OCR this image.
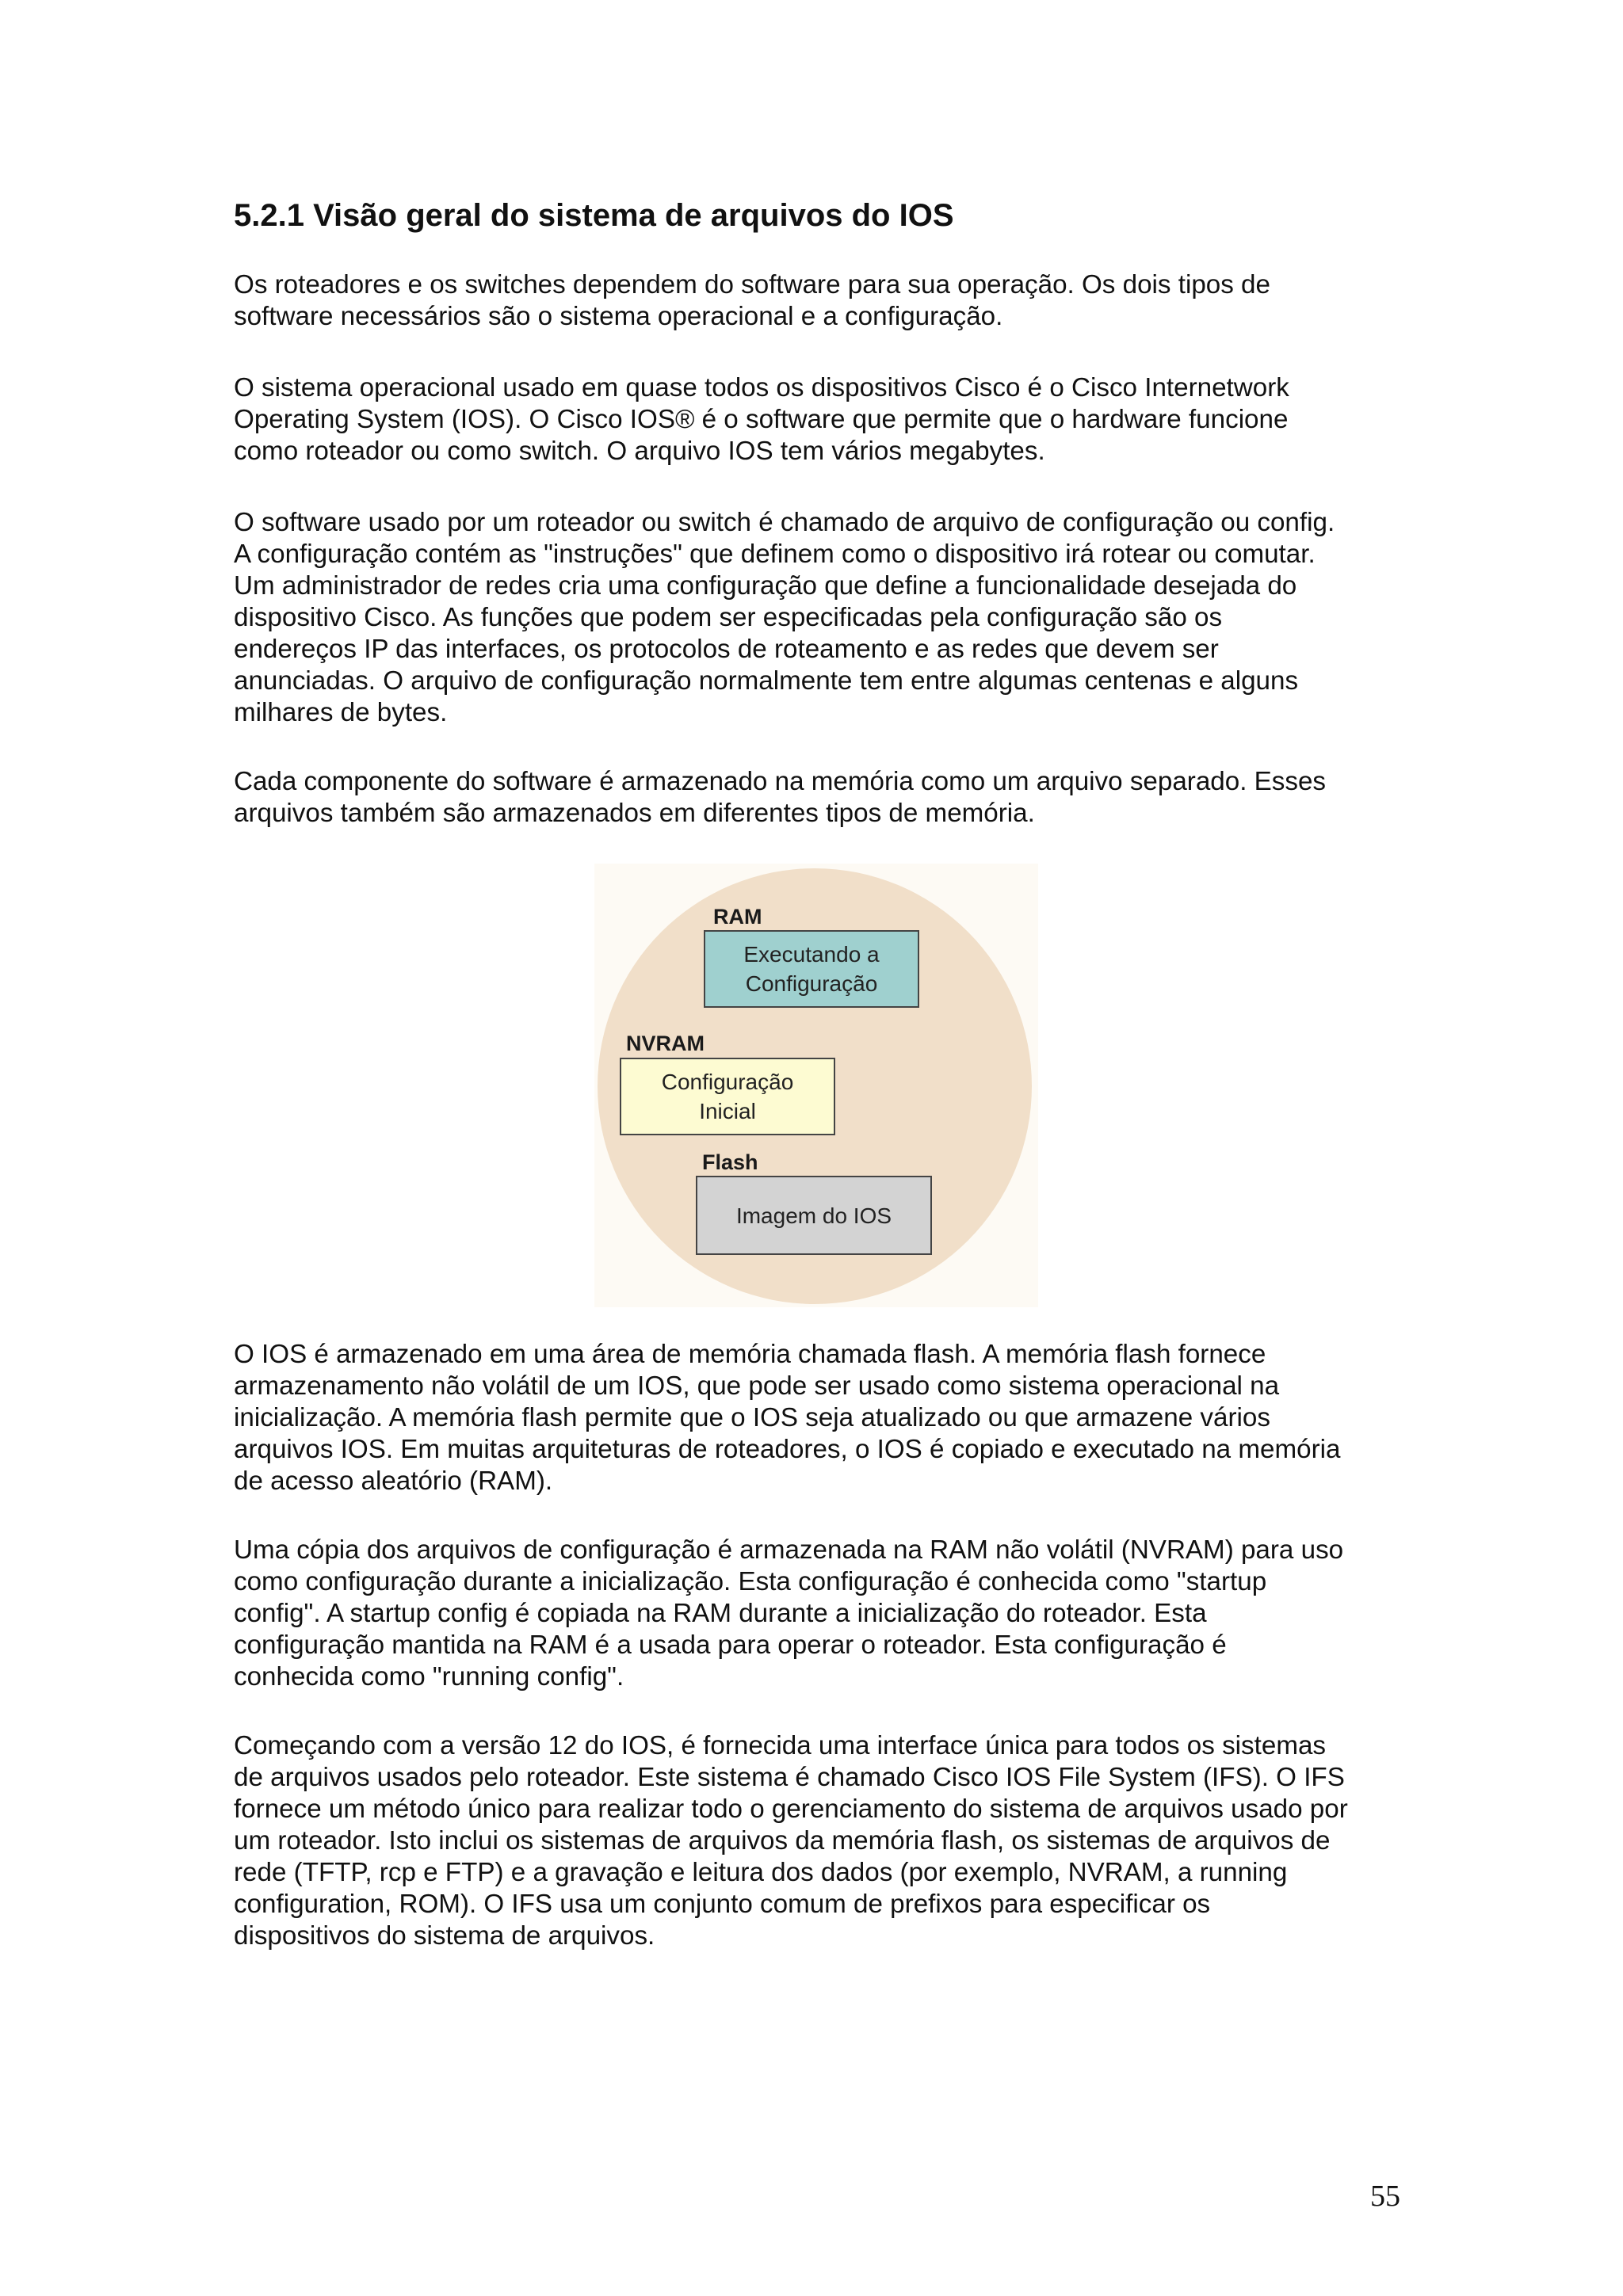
5.2.1 Visão geral do sistema de arquivos do IOS

Os roteadores e os switches dependem do software para sua operação. Os dois tipos de
software necessários são o sistema operacional e a configuração.

O sistema operacional usado em quase todos os dispositivos Cisco é o Cisco Internetwork
Operating System (IOS). O Cisco IOS® é o software que permite que o hardware funcione
como roteador ou como switch. O arquivo IOS tem vários megabytes.

O software usado por um roteador ou switch é chamado de arquivo de configuração ou config.
A configuração contém as "instruções" que definem como o dispositivo irá rotear ou comutar.
Um administrador de redes cria uma configuração que define a funcionalidade desejada do
dispositivo Cisco. As funções que podem ser especificadas pela configuração são os
endereços IP das interfaces, os protocolos de roteamento e as redes que devem ser
anunciadas. O arquivo de configuração normalmente tem entre algumas centenas e alguns
milhares de bytes.

Cada componente do software é armazenado na memória como um arquivo separado. Esses
arquivos também são armazenados em diferentes tipos de memória.

RAM
Executando a
Configuração
NVRAM
Configuração
Inicial
Flash
Imagem do IOS

O IOS é armazenado em uma área de memória chamada flash. A memória flash fornece
armazenamento não volátil de um IOS, que pode ser usado como sistema operacional na
inicialização. A memória flash permite que o IOS seja atualizado ou que armazene vários
arquivos IOS. Em muitas arquiteturas de roteadores, o IOS é copiado e executado na memória
de acesso aleatório (RAM).

Uma cópia dos arquivos de configuração é armazenada na RAM não volátil (NVRAM) para uso
como configuração durante a inicialização. Esta configuração é conhecida como "startup
config". A startup config é copiada na RAM durante a inicialização do roteador. Esta
configuração mantida na RAM é a usada para operar o roteador. Esta configuração é
conhecida como "running config".

Começando com a versão 12 do IOS, é fornecida uma interface única para todos os sistemas
de arquivos usados pelo roteador. Este sistema é chamado Cisco IOS File System (IFS). O IFS
fornece um método único para realizar todo o gerenciamento do sistema de arquivos usado por
um roteador. Isto inclui os sistemas de arquivos da memória flash, os sistemas de arquivos de
rede (TFTP, rcp e FTP) e a gravação e leitura dos dados (por exemplo, NVRAM, a running
configuration, ROM). O IFS usa um conjunto comum de prefixos para especificar os
dispositivos do sistema de arquivos.

55
